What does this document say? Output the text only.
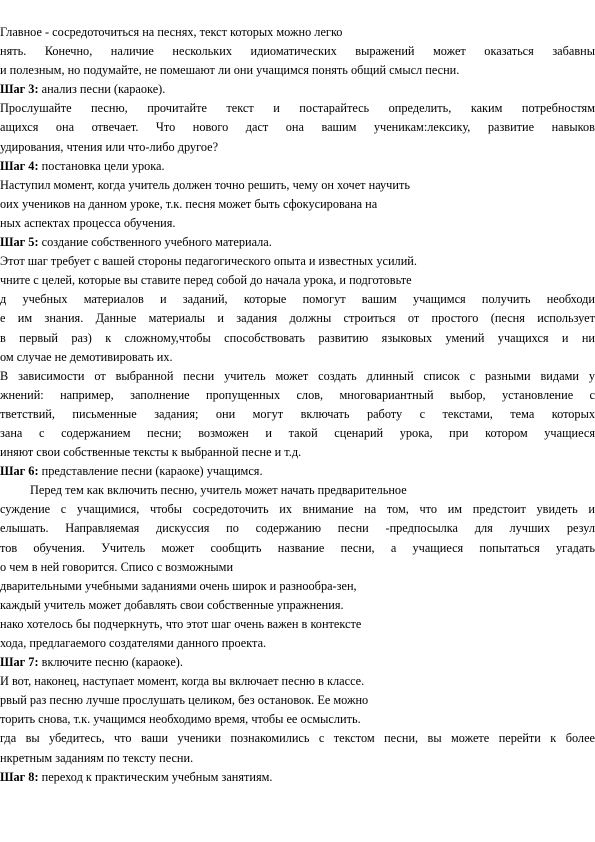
Главное - сосредоточиться на песнях, текст которых можно легко
нять. Конечно, наличие нескольких идиоматических выражений может оказаться забавны
и полезным, но подумайте, не помешают ли они учащимся понять общий смысл песни.
Шаг 3: анализ песни (караоке).
Прослушайте песню, прочитайте текст и постарайтесь определить, каким потребностям
ащихся она отвечает. Что нового даст она вашим ученикам:лексику, развитие навыков
удирования, чтения или что-либо другое?
Шаг 4: постановка цели урока.
Наступил момент, когда учитель должен точно решить, чему он хочет научить
оих учеников на данном уроке, т.к. песня может быть сфокусирована на
ных аспектах процесса обучения.
Шаг 5: создание собственного учебного материала.
Этот шаг требует с вашей стороны педагогического опыта и известных усилий.
чните с целей, которые вы ставите перед собой до начала урока, и подготовьте
д учебных материалов и заданий, которые помогут вашим учащимся получить необходи
е им знания. Данные материалы и задания должны строиться от простого (песня использует
в первый раз) к сложному,чтобы способствовать развитию языковых умений учащихся и ни
ом случае не демотивировать их.
В зависимости от выбранной песни учитель может создать длинный список с разными видами у
жнений: например, заполнение пропущенных слов, многовариантный выбор, установление с
тветствий, письменные задания; они могут включать работу с текстами, тема которых
зана с содержанием песни; возможен и такой сценарий урока, при котором учащиеся
иняют свои собственные тексты к выбранной песне и т.д.
Шаг 6: представление песни (караоке) учащимся.
Перед тем как включить песню, учитель может начать предварительное
суждение с учащимися, чтобы сосредоточить их внимание на том, что им предстоит увидеть и
елышать. Направляемая дискуссия по содержанию песни -предпосылка для лучших резул
тов обучения. Учитель может сообщить название песни, а учащиеся попытаться угадать
о чем в ней говорится. Списо с возможными
дварительными учебными заданиями очень широк и разнообра-зен,
каждый учитель может добавлять свои собственные упражнения.
нако хотелось бы подчеркнуть, что этот шаг очень важен в контексте
хода, предлагаемого создателями данного проекта.
Шаг 7: включите песню (караоке).
И вот, наконец, наступает момент, когда вы включает песню в классе.
рвый раз песню лучше прослушать целиком, без остановок. Ее можно
торить снова, т.к. учащимся необходимо время, чтобы ее осмыслить.
гда вы убедитесь, что ваши ученики познакомились с текстом песни, вы можете перейти к более
нкретным заданиям по тексту песни.
Шаг 8: переход к практическим учебным занятиям.
